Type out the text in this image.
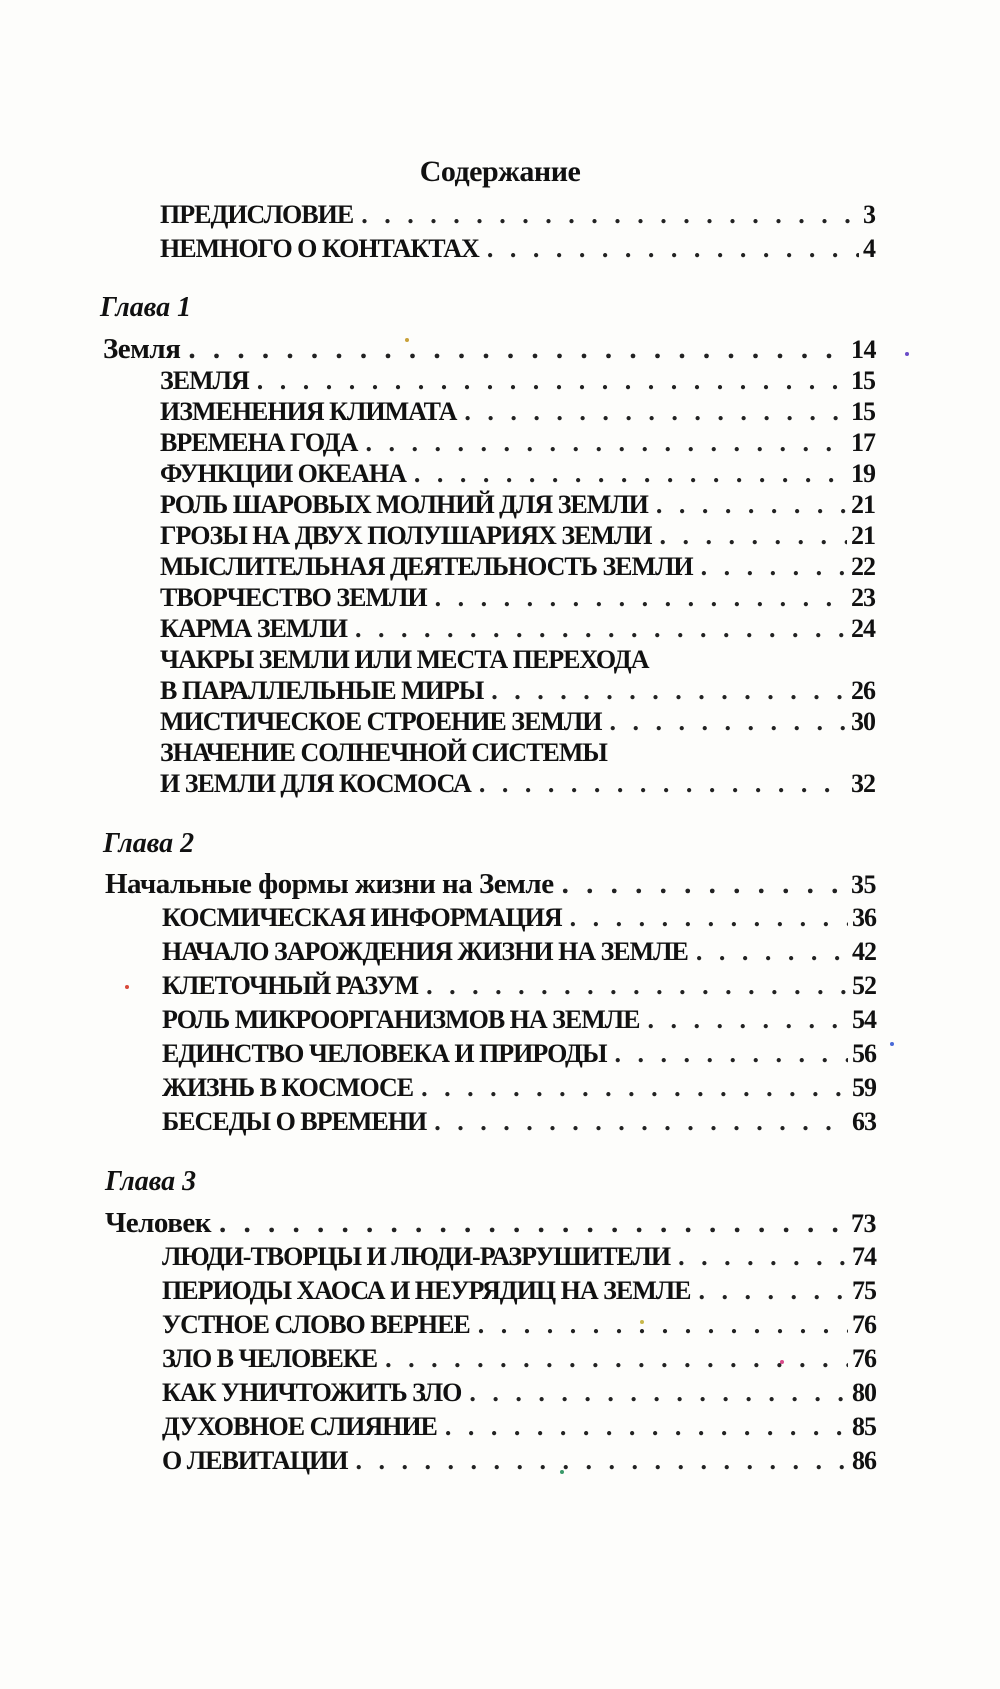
Содержание
ПРЕДИСЛОВИЕ . . .	3
НЕМНОГО О КОНТАКТАХ . . .	4
Глава 1
Земля . . .	14
ЗЕМЛЯ . . .	15
ИЗМЕНЕНИЯ КЛИМАТА . . .	15
ВРЕМЕНА ГОДА . . .	17
ФУНКЦИИ ОКЕАНА . . .	19
РОЛЬ ШАРОВЫХ МОЛНИЙ ДЛЯ ЗЕМЛИ . . .	21
ГРОЗЫ НА ДВУХ ПОЛУШАРИЯХ ЗЕМЛИ . . .	21
МЫСЛИТЕЛЬНАЯ ДЕЯТЕЛЬНОСТЬ ЗЕМЛИ . . .	22
ТВОРЧЕСТВО ЗЕМЛИ . . .	23
КАРМА ЗЕМЛИ . . .	24
ЧАКРЫ ЗЕМЛИ ИЛИ МЕСТА ПЕРЕХОДА
В ПАРАЛЛЕЛЬНЫЕ МИРЫ . . .	26
МИСТИЧЕСКОЕ СТРОЕНИЕ ЗЕМЛИ . . .	30
ЗНАЧЕНИЕ СОЛНЕЧНОЙ СИСТЕМЫ
И ЗЕМЛИ ДЛЯ КОСМОСА . . .	32
Глава 2
Начальные формы жизни на Земле . . .	35
КОСМИЧЕСКАЯ ИНФОРМАЦИЯ . . .	36
НАЧАЛО ЗАРОЖДЕНИЯ ЖИЗНИ НА ЗЕМЛЕ . . .	42
КЛЕТОЧНЫЙ РАЗУМ . . .	52
РОЛЬ МИКРООРГАНИЗМОВ НА ЗЕМЛЕ . . .	54
ЕДИНСТВО ЧЕЛОВЕКА И ПРИРОДЫ . . .	56
ЖИЗНЬ В КОСМОСЕ . . .	59
БЕСЕДЫ О ВРЕМЕНИ . . .	63
Глава 3
Человек . . .	73
ЛЮДИ-ТВОРЦЫ И ЛЮДИ-РАЗРУШИТЕЛИ . . .	74
ПЕРИОДЫ ХАОСА И НЕУРЯДИЦ НА ЗЕМЛЕ . . .	75
УСТНОЕ СЛОВО ВЕРНЕЕ . . .	76
ЗЛО В ЧЕЛОВЕКЕ . . .	76
КАК УНИЧТОЖИТЬ ЗЛО . . .	80
ДУХОВНОЕ СЛИЯНИЕ . . .	85
О ЛЕВИТАЦИИ . . .	86
